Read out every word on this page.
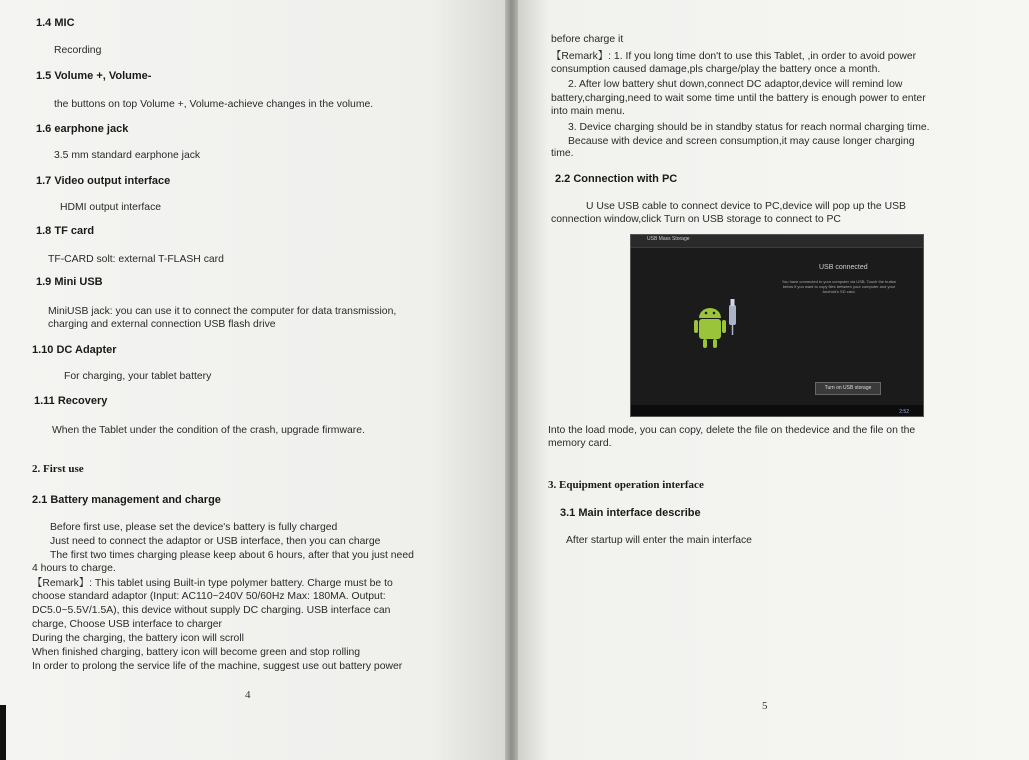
1.4 MIC
Recording
1.5 Volume +, Volume-
the buttons on top Volume +, Volume-achieve changes in the volume.
1.6 earphone jack
3.5 mm standard earphone jack
1.7 Video output interface
HDMI output interface
1.8 TF card
TF-CARD solt: external T-FLASH card
1.9 Mini USB
MiniUSB jack: you can use it to connect the computer for data transmission,
charging and external connection USB flash drive
1.10 DC Adapter
For charging, your tablet battery
1.11 Recovery
When the Tablet under the condition of the crash, upgrade firmware.
2. First use
2.1 Battery management and charge
Before first use, please set the device's battery is fully charged
Just need to connect the adaptor or USB interface, then you can charge
The first two times charging please keep about 6 hours, after that you just need
4 hours to charge.
【Remark】: This tablet using Built-in type polymer battery. Charge must be to
choose standard adaptor (Input: AC110~240V 50/60Hz Max: 180MA. Output:
DC5.0~5.5V/1.5A), this device without supply DC charging. USB interface can
charge, Choose USB interface to charger
During the charging, the battery icon will scroll
When finished charging, battery icon will become green and stop rolling
In order to prolong the service life of the machine, suggest use out battery power
4
before charge it
【Remark】: 1. If you long time don't to use this Tablet, ,in order to avoid power
consumption caused damage,pls charge/play the battery once a month.
2. After low battery shut down,connect DC adaptor,device will remind low
battery,charging,need to wait some time until the battery is enough power to enter
into main menu.
3. Device charging should be in standby status for reach normal charging time.
Because with device and screen consumption,it may cause longer charging
time.
2.2 Connection with PC
U Use USB cable to connect device to PC,device will pop up the USB
connection window,click Turn on USB storage to connect to PC
USB Mass Storage
USB connected
You have connected to your computer via USB. Touch the button below if you want to copy files between your computer and your Android's SD card.
Turn on USB storage
2:52
Into the load mode, you can copy, delete the file on thedevice and the file on the
memory card.
3. Equipment operation interface
3.1 Main interface describe
After startup will enter the main interface
5
